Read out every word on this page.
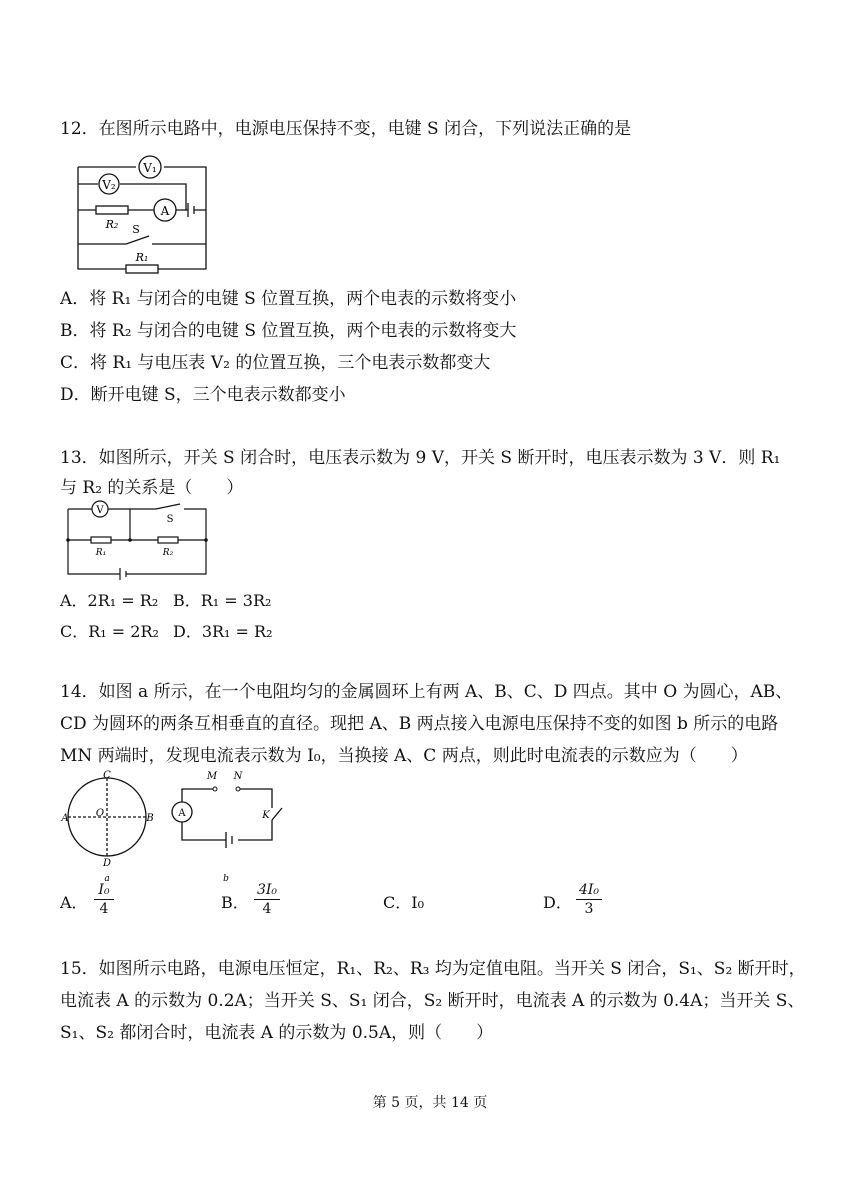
12．在图所示电路中，电源电压保持不变，电键 S 闭合，下列说法正确的是
V₁
V₂
A
R₂ S
R₁
A．将 R₁ 与闭合的电键 S 位置互换，两个电表的示数将变小
B．将 R₂ 与闭合的电键 S 位置互换，两个电表的示数将变大
C．将 R₁ 与电压表 V₂ 的位置互换，三个电表示数都变大
D．断开电键 S，三个电表示数都变小
13．如图所示，开关 S 闭合时，电压表示数为 9 V，开关 S 断开时，电压表示数为 3 V．则 R₁
与 R₂ 的关系是（　　）
V
S
R₁	R₂
A．2R₁ = R₂ B．R₁ = 3R₂
C．R₁ = 2R₂ D．3R₁ = R₂
14．如图 a 所示，在一个电阻均匀的金属圆环上有两 A、B、C、D 四点。其中 O 为圆心，AB、
CD 为圆环的两条互相垂直的直径。现把 A、B 两点接入电源电压保持不变的如图 b 所示的电路
MN 两端时，发现电流表示数为 I₀，当换接 A、C 两点，则此时电流表的示数应为（　　）
C
A	O	B
D
a
M N
A	K
b
A．
I₀
4	B．
3I₀
4	C．I₀	D．
4I₀
3
15．如图所示电路，电源电压恒定，R₁、R₂、R₃ 均为定值电阻。当开关 S 闭合，S₁、S₂ 断开时，
电流表 A 的示数为 0.2A；当开关 S、S₁ 闭合，S₂ 断开时，电流表 A 的示数为 0.4A；当开关 S、
S₁、S₂ 都闭合时，电流表 A 的示数为 0.5A，则（　　）
第 5 页，共 14 页
